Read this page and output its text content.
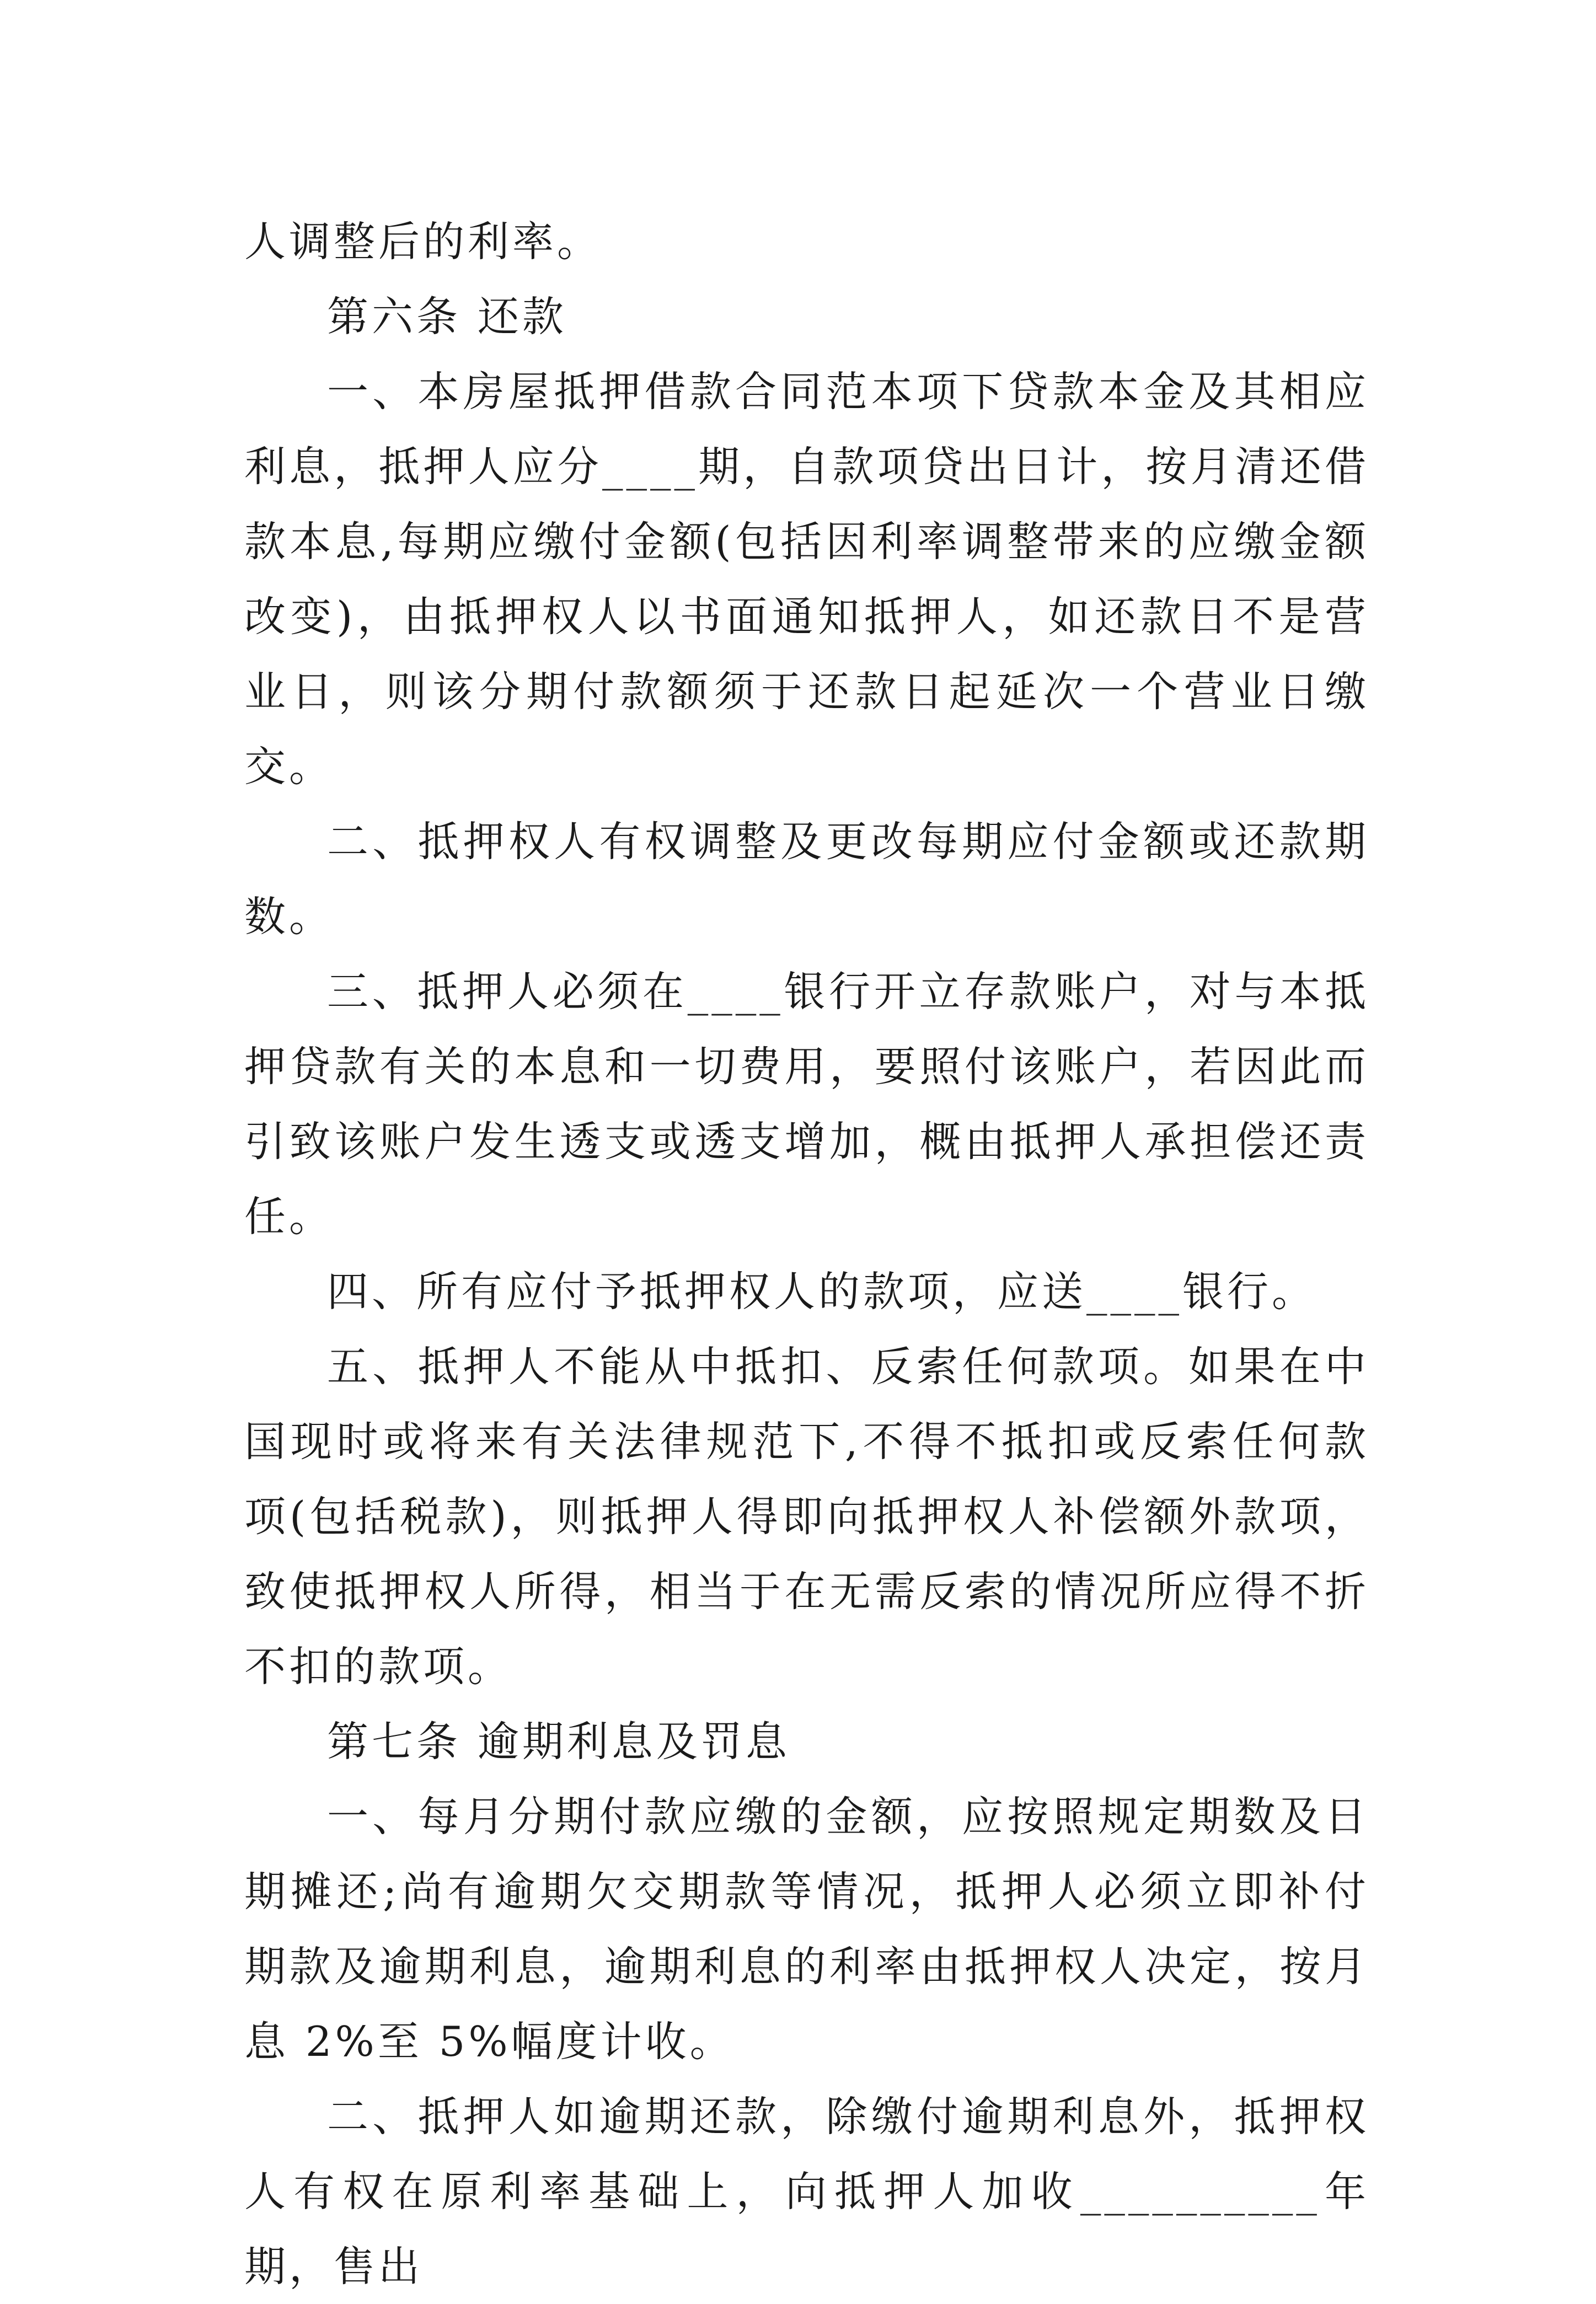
人调整后的利率。

第六条 还款

一、本房屋抵押借款合同范本项下贷款本金及其相应利息，抵押人应分____期，自款项贷出日计，按月清还借款本息,每期应缴付金额(包括因利率调整带来的应缴金额改变)，由抵押权人以书面通知抵押人，如还款日不是营业日，则该分期付款额须于还款日起延次一个营业日缴交。

二、抵押权人有权调整及更改每期应付金额或还款期数。

三、抵押人必须在____银行开立存款账户，对与本抵押贷款有关的本息和一切费用，要照付该账户，若因此而引致该账户发生透支或透支增加，概由抵押人承担偿还责任。

四、所有应付予抵押权人的款项，应送____银行。

五、抵押人不能从中抵扣、反索任何款项。如果在中国现时或将来有关法律规范下,不得不抵扣或反索任何款项(包括税款)，则抵押人得即向抵押权人补偿额外款项，致使抵押权人所得，相当于在无需反索的情况所应得不折不扣的款项。

第七条 逾期利息及罚息

一、每月分期付款应缴的金额，应按照规定期数及日期摊还;尚有逾期欠交期款等情况，抵押人必须立即补付期款及逾期利息，逾期利息的利率由抵押权人决定，按月息 2%至 5%幅度计收。

二、抵押人如逾期还款，除缴付逾期利息外，抵押权人有权在原利率基础上，向抵押人加收__________年期，售出
